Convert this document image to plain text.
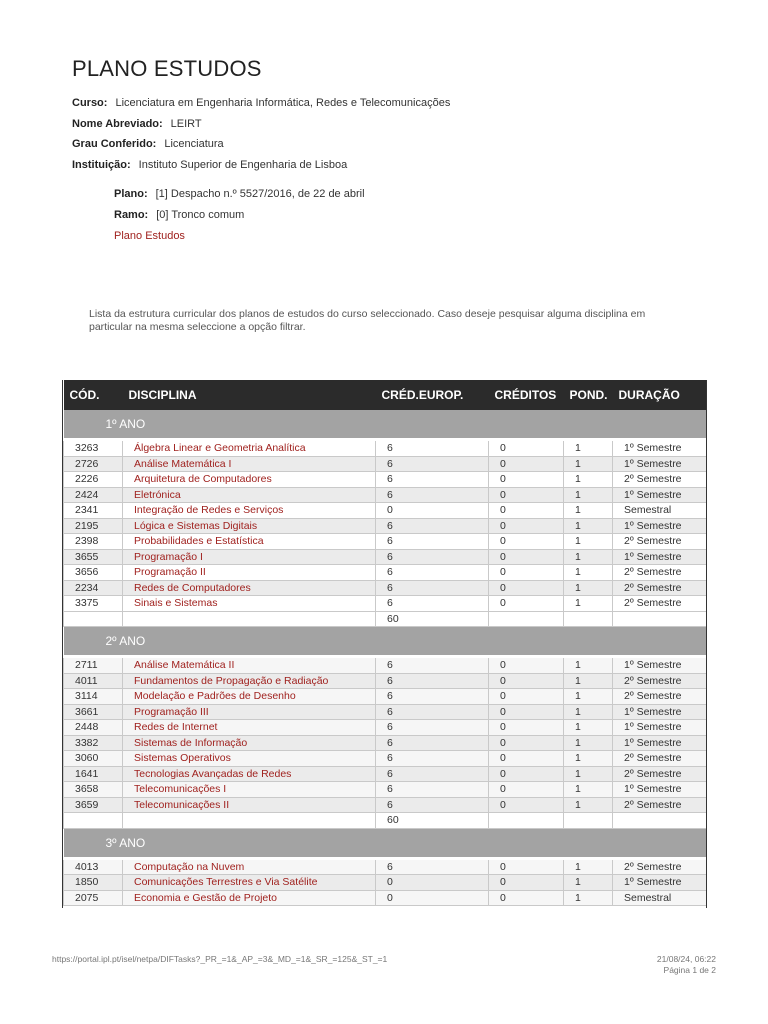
PLANO ESTUDOS
Curso: Licenciatura em Engenharia Informática, Redes e Telecomunicações
Nome Abreviado: LEIRT
Grau Conferido: Licenciatura
Instituição: Instituto Superior de Engenharia de Lisboa
Plano: [1] Despacho n.º 5527/2016, de 22 de abril
Ramo: [0] Tronco comum
Plano Estudos
Lista da estrutura curricular dos planos de estudos do curso seleccionado. Caso deseje pesquisar alguma disciplina em particular na mesma seleccione a opção filtrar.
CÓD.	DISCIPLINA	CRÉD.EUROP.	CRÉDITOS	POND.	DURAÇÃO
1º ANO					
3263	Álgebra Linear e Geometria Analítica	6	0	1	1º Semestre
2726	Análise Matemática I	6	0	1	1º Semestre
2226	Arquitetura de Computadores	6	0	1	2º Semestre
2424	Eletrónica	6	0	1	1º Semestre
2341	Integração de Redes e Serviços	0	0	1	Semestral
2195	Lógica e Sistemas Digitais	6	0	1	1º Semestre
2398	Probabilidades e Estatística	6	0	1	2º Semestre
3655	Programação I	6	0	1	1º Semestre
3656	Programação II	6	0	1	2º Semestre
2234	Redes de Computadores	6	0	1	2º Semestre
3375	Sinais e Sistemas	6	0	1	2º Semestre
		60			
2º ANO					
2711	Análise Matemática II	6	0	1	1º Semestre
4011	Fundamentos de Propagação e Radiação	6	0	1	2º Semestre
3114	Modelação e Padrões de Desenho	6	0	1	2º Semestre
3661	Programação III	6	0	1	1º Semestre
2448	Redes de Internet	6	0	1	1º Semestre
3382	Sistemas de Informação	6	0	1	1º Semestre
3060	Sistemas Operativos	6	0	1	2º Semestre
1641	Tecnologias Avançadas de Redes	6	0	1	2º Semestre
3658	Telecomunicações I	6	0	1	1º Semestre
3659	Telecomunicações II	6	0	1	2º Semestre
		60			
3º ANO					
4013	Computação na Nuvem	6	0	1	2º Semestre
1850	Comunicações Terrestres e Via Satélite	0	0	1	1º Semestre
2075	Economia e Gestão de Projeto	0	0	1	Semestral
https://portal.ipl.pt/isel/netpa/DIFTasks?_PR_=1&_AP_=3&_MD_=1&_SR_=125&_ST_=1	21/08/24, 06:22
Página 1 de 2
